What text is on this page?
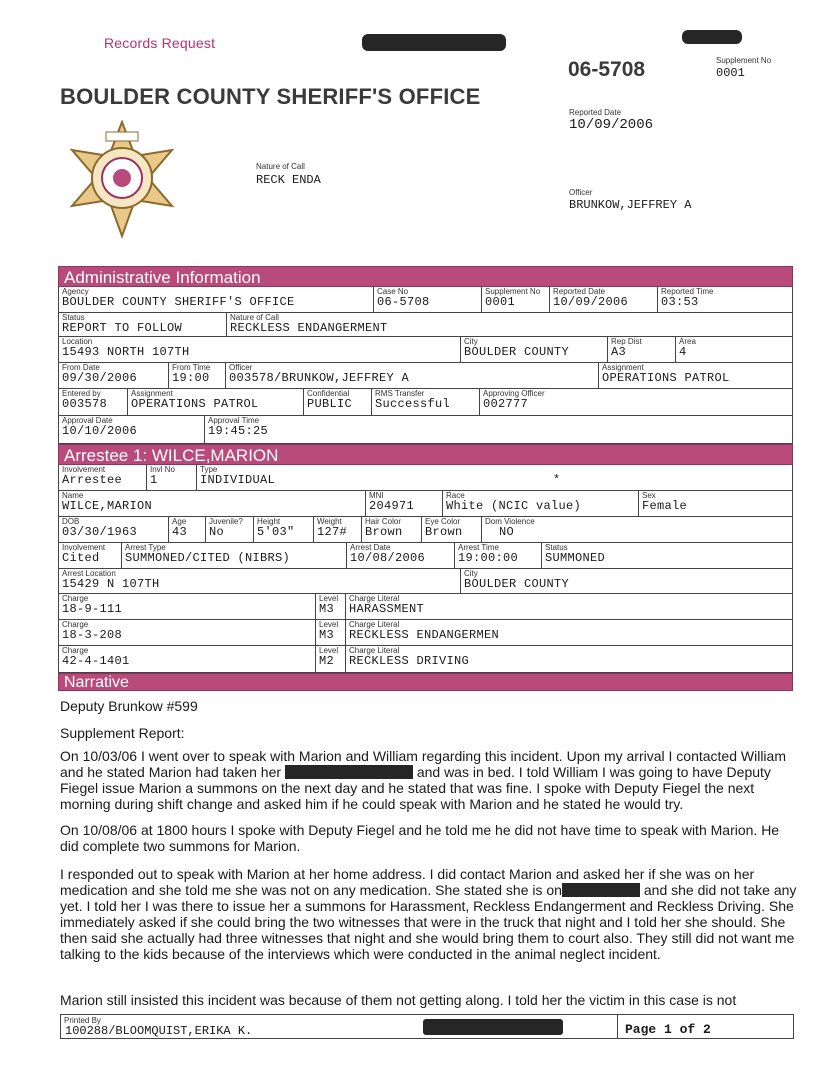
Records Request
BOULDER COUNTY SHERIFF'S OFFICE
06-5708	Supplement No
0001
Reported Date
10/09/2006
Nature of Call
RECK ENDA
Officer
BRUNKOW,JEFFREY A
Administrative Information
Agency
BOULDER COUNTY SHERIFF'S OFFICE
Case No
06-5708
Supplement No
0001
Reported Date
10/09/2006
Reported Time
03:53
Status
REPORT TO FOLLOW
Nature of Call
RECKLESS ENDANGERMENT
Location
15493 NORTH 107TH
City
BOULDER COUNTY
Rep Dist
A3
Area
4
From Date
09/30/2006
From Time
19:00
Officer
003578/BRUNKOW,JEFFREY A
Assignment
OPERATIONS PATROL
Entered by
003578
Assignment
OPERATIONS PATROL
Confidential
PUBLIC
RMS Transfer
Successful
Approving Officer
002777
Approval Date
10/10/2006
Approval Time
19:45:25
Arrestee 1: WILCE,MARION
Involvement
Arrestee
Invl No
1
Type
INDIVIDUAL	*
Name
WILCE,MARION
MNI
204971
Race
White (NCIC value)
Sex
Female
DOB
03/30/1963
Age
43
Juvenile?
No
Height
5'03"
Weight
127#
Hair Color
Brown
Eye Color
Brown
Dom Violence
NO
Involvement
Cited
Arrest Type
SUMMONED/CITED (NIBRS)
Arrest Date
10/08/2006
Arrest Time
19:00:00
Status
SUMMONED
Arrest Location
15429 N 107TH
City
BOULDER COUNTY
Charge
18-9-111
Level
M3
Charge Literal
HARASSMENT
Charge
18-3-208
Level
M3
Charge Literal
RECKLESS ENDANGERMEN
Charge
42-4-1401
Level
M2
Charge Literal
RECKLESS DRIVING
Narrative
Deputy Brunkow #599
Supplement Report:

On 10/03/06 I went over to speak with Marion and William regarding this incident. Upon my arrival I contacted William and he stated Marion had taken her	and was in bed. I told William I was going to have Deputy Fiegel issue Marion a summons on the next day and he stated that was fine. I spoke with Deputy Fiegel the next morning during shift change and asked him if he could speak with Marion and he stated he would try.

On 10/08/06 at 1800 hours I spoke with Deputy Fiegel and he told me he did not have time to speak with Marion. He did complete two summons for Marion.

I responded out to speak with Marion at her home address. I did contact Marion and asked her if she was on her medication and she told me she was not on any medication. She stated she is on	and she did not take any yet. I told her I was there to issue her a summons for Harassment, Reckless Endangerment and Reckless Driving. She immediately asked if she could bring the two witnesses that were in the truck that night and I told her she should. She then said she actually had three witnesses that night and she would bring them to court also. They still did not want me talking to the kids because of the interviews which were conducted in the animal neglect incident.

Marion still insisted this incident was because of them not getting along. I told her the victim in this case is not
Printed By
100288/BLOOMQUIST,ERIKA K.	Page 1 of 2
